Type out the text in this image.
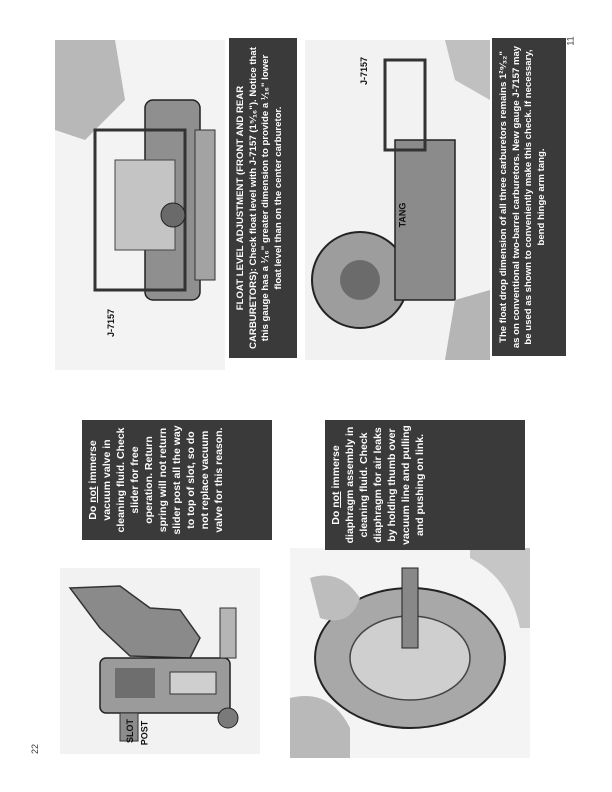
22
11
SLOT POST
Do not immerse vacuum valve in cleaning fluid. Check slider for free operation. Return spring will not return slider post all the way to top of slot, so do not replace vacuum valve for this reason.	Do not immerse diaphragm assembly in cleaning fluid. Check diaphragm for air leaks by holding thumb over vacuum line and pulling and pushing on link.
J-7157
FLOAT LEVEL ADJUSTMENT (FRONT AND REAR CARBURETORS): Check float level with J-7157 (1⁵⁄₁₆"). Notice that this gauge has a ¹⁄₁₆" greater dimension to provide a ¹⁄₁₆" lower float level than on the center carburetor.
J-7157
TANG	The float drop dimension of all three carburetors remains 1²⁹⁄₃₂" as on conventional two-barrel carburetors. New gauge J-7157 may be used as shown to conveniently make this check. If necessary, bend hinge arm tang.
